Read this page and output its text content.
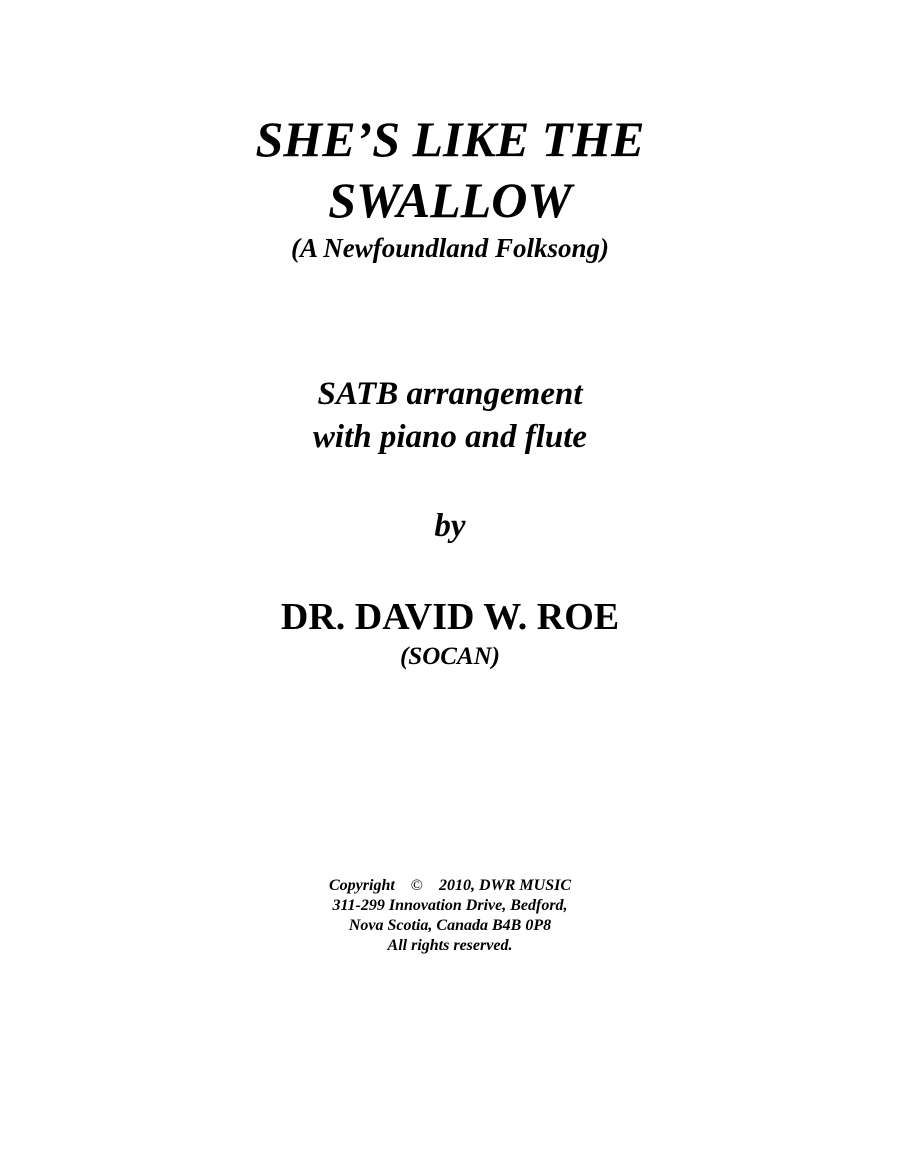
SHE’S LIKE THE

SWALLOW

(A Newfoundland Folksong)

SATB arrangement

with piano and flute

by

DR. DAVID W. ROE

(SOCAN)

Copyright © 2010, DWR MUSIC

311-299 Innovation Drive, Bedford,

Nova Scotia, Canada B4B 0P8

All rights reserved.
